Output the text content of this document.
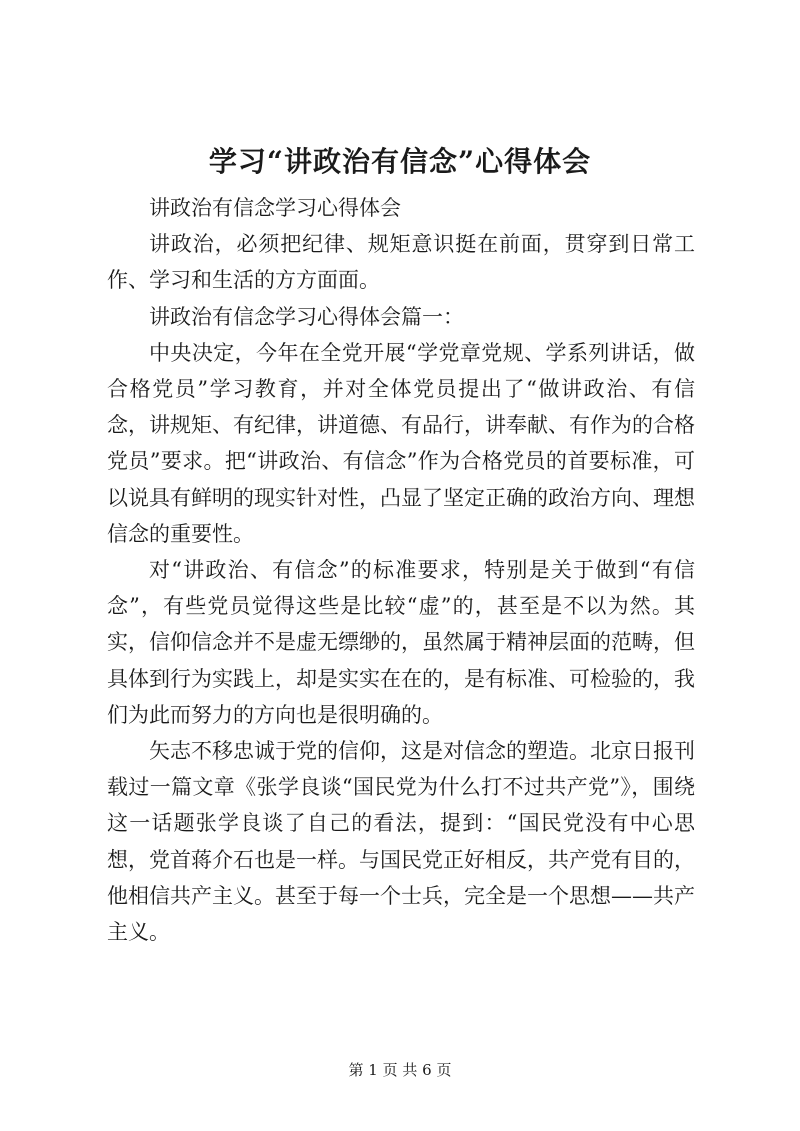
学习“讲政治有信念”心得体会

讲政治有信念学习心得体会

讲政治，必须把纪律、规矩意识挺在前面，贯穿到日常工作、学习和生活的方方面面。

讲政治有信念学习心得体会篇一：

中央决定，今年在全党开展“学党章党规、学系列讲话，做合格党员”学习教育，并对全体党员提出了“做讲政治、有信念，讲规矩、有纪律，讲道德、有品行，讲奉献、有作为的合格党员”要求。把“讲政治、有信念”作为合格党员的首要标准，可以说具有鲜明的现实针对性，凸显了坚定正确的政治方向、理想信念的重要性。

对“讲政治、有信念”的标准要求，特别是关于做到“有信念”，有些党员觉得这些是比较“虚”的，甚至是不以为然。其实，信仰信念并不是虚无缥缈的，虽然属于精神层面的范畴，但具体到行为实践上，却是实实在在的，是有标准、可检验的，我们为此而努力的方向也是很明确的。

矢志不移忠诚于党的信仰，这是对信念的塑造。北京日报刊载过一篇文章《张学良谈“国民党为什么打不过共产党”》，围绕这一话题张学良谈了自己的看法，提到：“国民党没有中心思想，党首蒋介石也是一样。与国民党正好相反，共产党有目的，他相信共产主义。甚至于每一个士兵，完全是一个思想——共产主义。

第 1 页 共 6 页
